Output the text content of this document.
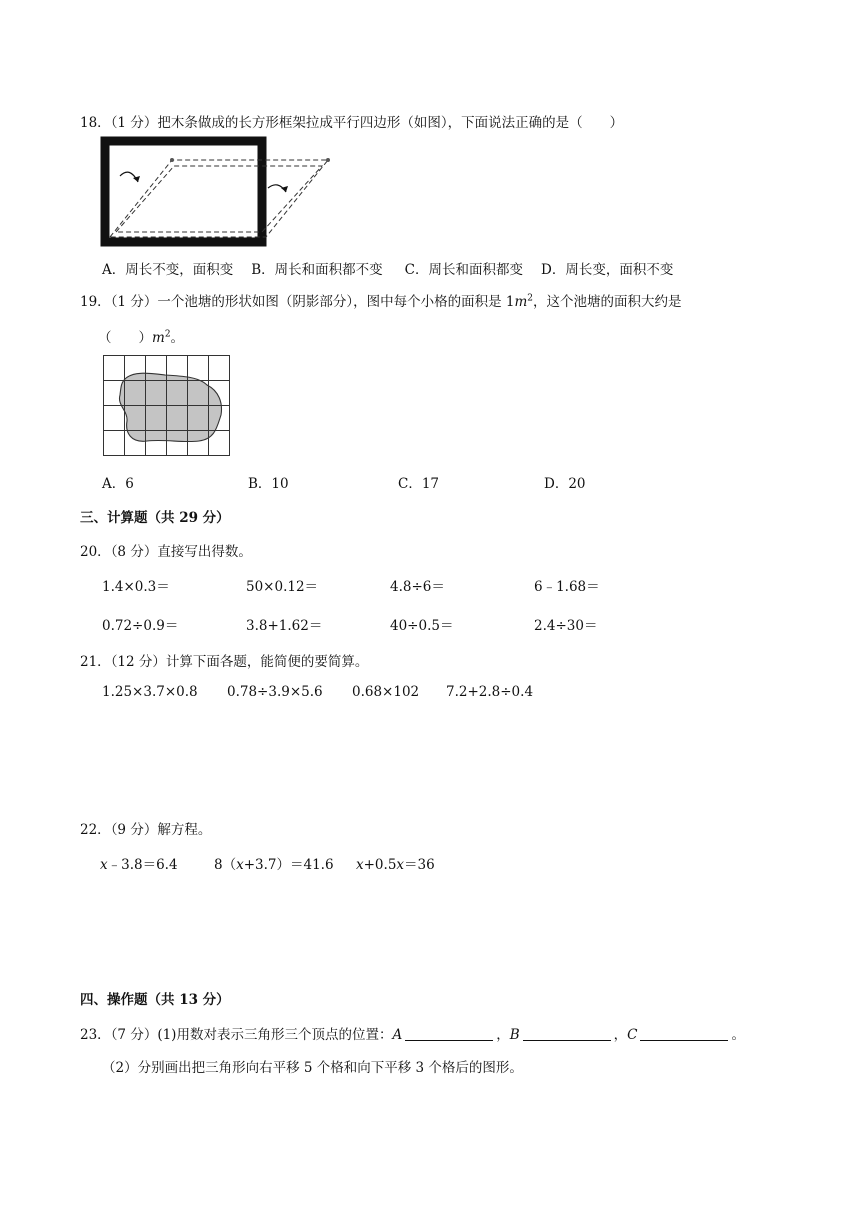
18．（1 分）把木条做成的长方形框架拉成平行四边形（如图），下面说法正确的是（　　）
A．周长不变，面积变 B．周长和面积都不变 C．周长和面积都变 D．周长变，面积不变
19．（1 分）一个池塘的形状如图（阴影部分），图中每个小格的面积是 $1m^2$，这个池塘的面积大约是
（　　）$m^2$。
A．6	B．10	C．17	D．20
三、计算题（共 29 分）
20．（8 分）直接写出得数。
1.4×0.3＝	50×0.12＝	4.8÷6＝	6﹣1.68＝
0.72÷0.9＝	3.8+1.62＝	40÷0.5＝	2.4÷30＝
21．（12 分）计算下面各题，能简便的要简算。
1.25×3.7×0.8 0.78÷3.9×5.6 0.68×102 7.2+2.8÷0.4
22．（9 分）解方程。
x﹣3.8＝6.4	8（x+3.7）＝41.6 x+0.5x＝36
四、操作题（共 13 分）
23．（7 分）(1)用数对表示三角形三个顶点的位置：A	，B	，C	。
（2）分别画出把三角形向右平移 5 个格和向下平移 3 个格后的图形。
